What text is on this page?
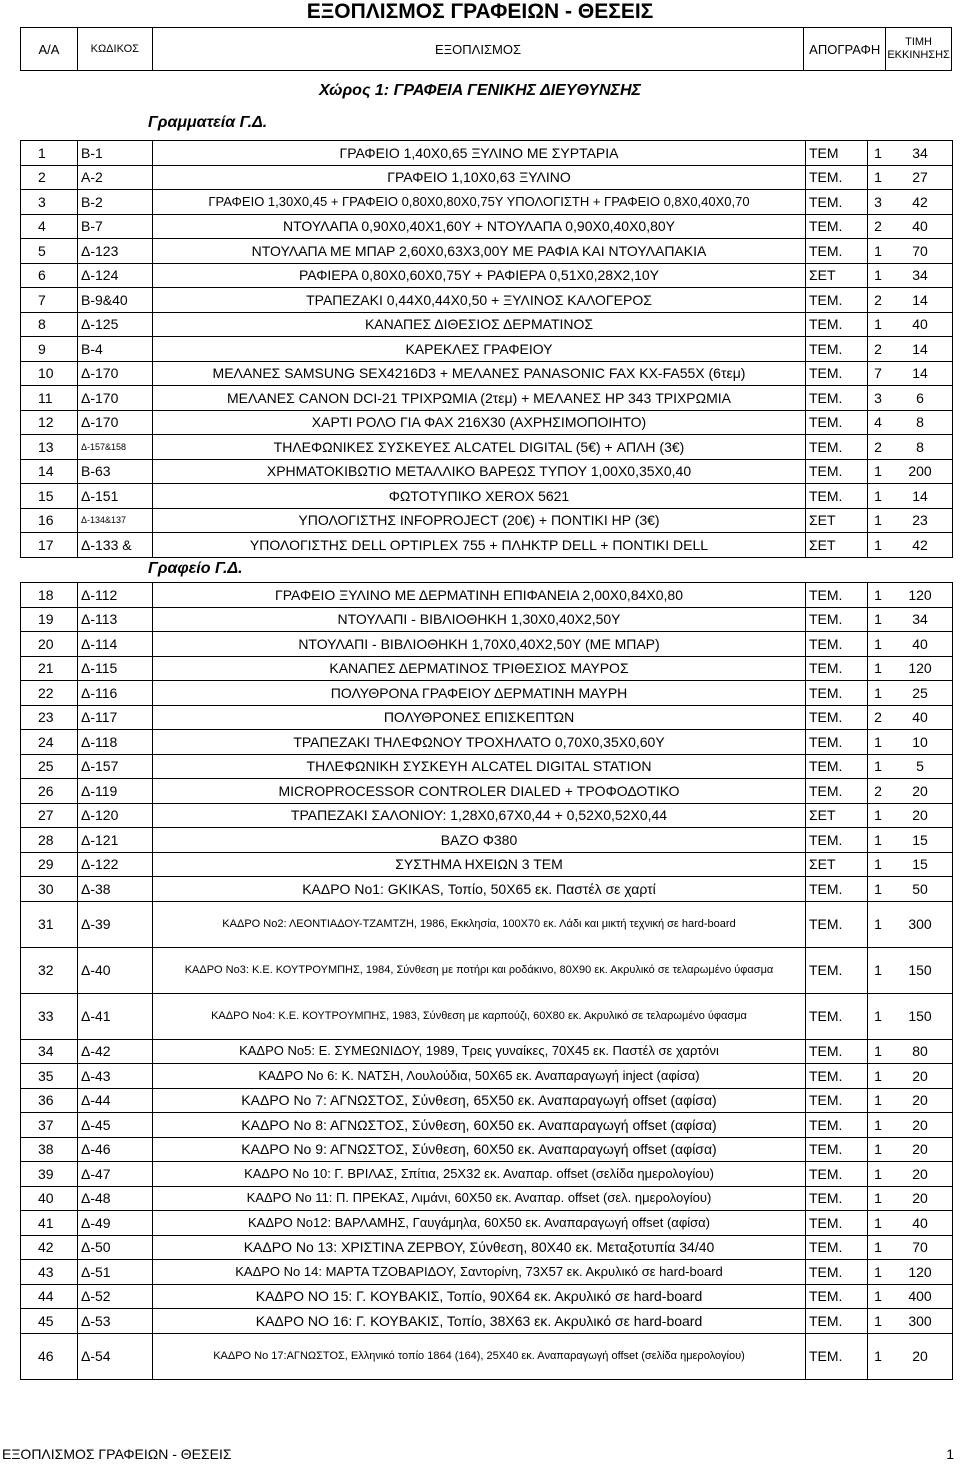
ΕΞΟΠΛΙΣΜΟΣ ΓΡΑΦΕΙΩΝ - ΘΕΣΕΙΣ
Α/Α	ΚΩΔΙΚΟΣ	ΕΞΟΠΛΙΣΜΟΣ	ΑΠΟΓΡΑΦΗ	ΤΙΜΗ
ΕΚΚΙΝΗΣΗΣ
Χώρος 1: ΓΡΑΦΕΙΑ ΓΕΝΙΚΗΣ ΔΙΕΥΘΥΝΣΗΣ
Γραμματεία Γ.Δ.
1	Β-1	ΓΡΑΦΕΙΟ 1,40Χ0,65 ΞΥΛΙΝΟ ΜΕ ΣΥΡΤΑΡΙΑ	ΤΕΜ	1	34
2	Α-2	ΓΡΑΦΕΙΟ 1,10Χ0,63 ΞΥΛΙΝΟ	ΤΕΜ.	1	27
3	Β-2	ΓΡΑΦΕΙΟ 1,30Χ0,45 + ΓΡΑΦΕΙΟ 0,80Χ0,80Χ0,75Υ ΥΠΟΛΟΓΙΣΤΗ + ΓΡΑΦΕΙΟ 0,8Χ0,40Χ0,70	ΤΕΜ.	3	42
4	Β-7	ΝΤΟΥΛΑΠΑ 0,90Χ0,40Χ1,60Υ + ΝΤΟΥΛΑΠΑ 0,90Χ0,40Χ0,80Υ	ΤΕΜ.	2	40
5	Δ-123	ΝΤΟΥΛΑΠΑ ΜΕ ΜΠΑΡ 2,60Χ0,63Χ3,00Υ ΜΕ ΡΑΦΙΑ ΚΑΙ ΝΤΟΥΛΑΠΑΚΙΑ	ΤΕΜ.	1	70
6	Δ-124	ΡΑΦΙΕΡΑ 0,80Χ0,60Χ0,75Υ + ΡΑΦΙΕΡΑ 0,51Χ0,28Χ2,10Υ	ΣΕΤ	1	34
7	Β-9&40	ΤΡΑΠΕΖΑΚΙ 0,44Χ0,44Χ0,50 + ΞΥΛΙΝΟΣ ΚΑΛΟΓΕΡΟΣ	ΤΕΜ.	2	14
8	Δ-125	ΚΑΝΑΠΕΣ ΔΙΘΕΣΙΟΣ ΔΕΡΜΑΤΙΝΟΣ	ΤΕΜ.	1	40
9	Β-4	ΚΑΡΕΚΛΕΣ ΓΡΑΦΕΙΟΥ	ΤΕΜ.	2	14
10	Δ-170	ΜΕΛΑΝΕΣ SAMSUNG SEX4216D3 + ΜΕΛΑΝΕΣ PANASONIC FAX KX-FA55X (6τεμ)	ΤΕΜ.	7	14
11	Δ-170	ΜΕΛΑΝΕΣ CANON DCI-21 ΤΡΙΧΡΩΜΙΑ (2τεμ) + ΜΕΛΑΝΕΣ HP 343 ΤΡΙΧΡΩΜΙΑ	ΤΕΜ.	3	6
12	Δ-170	ΧΑΡΤΙ ΡΟΛΟ ΓΙΑ ΦΑΧ 216Χ30 (ΑΧΡΗΣΙΜΟΠΟΙΗΤΟ)	ΤΕΜ.	4	8
13	Δ-157&158	ΤΗΛΕΦΩΝΙΚΕΣ ΣΥΣΚΕΥΕΣ ALCATEL DIGITAL (5€) + ΑΠΛΗ (3€)	ΤΕΜ.	2	8
14	Β-63	ΧΡΗΜΑΤΟΚΙΒΩΤΙΟ ΜΕΤΑΛΛΙΚΟ ΒΑΡΕΩΣ ΤΥΠΟΥ 1,00Χ0,35Χ0,40	ΤΕΜ.	1	200
15	Δ-151	ΦΩΤΟΤΥΠΙΚΟ XEROX 5621	ΤΕΜ.	1	14
16	Δ-134&137	ΥΠΟΛΟΓΙΣΤΗΣ INFOPROJECT (20€) + ΠΟΝΤΙΚΙ HP (3€)	ΣΕΤ	1	23
17	Δ-133 &	ΥΠΟΛΟΓΙΣΤΗΣ DELL OPTIPLEX 755 + ΠΛΗΚΤΡ DELL + ΠΟΝΤΙΚΙ DELL	ΣΕΤ	1	42
Γραφείο Γ.Δ.
18	Δ-112	ΓΡΑΦΕΙΟ ΞΥΛΙΝΟ ΜΕ ΔΕΡΜΑΤΙΝΗ ΕΠΙΦΑΝΕΙΑ 2,00Χ0,84Χ0,80	ΤΕΜ.	1	120
19	Δ-113	ΝΤΟΥΛΑΠΙ - ΒΙΒΛΙΟΘΗΚΗ 1,30Χ0,40Χ2,50Υ	ΤΕΜ.	1	34
20	Δ-114	ΝΤΟΥΛΑΠΙ - ΒΙΒΛΙΟΘΗΚΗ 1,70Χ0,40Χ2,50Υ (ΜΕ ΜΠΑΡ)	ΤΕΜ.	1	40
21	Δ-115	ΚΑΝΑΠΕΣ ΔΕΡΜΑΤΙΝΟΣ ΤΡΙΘΕΣΙΟΣ ΜΑΥΡΟΣ	ΤΕΜ.	1	120
22	Δ-116	ΠΟΛΥΘΡΟΝΑ ΓΡΑΦΕΙΟΥ ΔΕΡΜΑΤΙΝΗ ΜΑΥΡΗ	ΤΕΜ.	1	25
23	Δ-117	ΠΟΛΥΘΡΟΝΕΣ ΕΠΙΣΚΕΠΤΩΝ	ΤΕΜ.	2	40
24	Δ-118	ΤΡΑΠΕΖΑΚΙ ΤΗΛΕΦΩΝΟΥ ΤΡΟΧΗΛΑΤΟ 0,70Χ0,35Χ0,60Υ	ΤΕΜ.	1	10
25	Δ-157	ΤΗΛΕΦΩΝΙΚΗ ΣΥΣΚΕΥΗ ALCATEL DIGITAL STATION	ΤΕΜ.	1	5
26	Δ-119	MICROPROCESSOR CONTROLER DIALED + ΤΡΟΦΟΔΟΤΙΚΟ	ΤΕΜ.	2	20
27	Δ-120	ΤΡΑΠΕΖΑΚΙ ΣΑΛΟΝΙΟΥ: 1,28Χ0,67Χ0,44 + 0,52Χ0,52Χ0,44	ΣΕΤ	1	20
28	Δ-121	ΒΑΖΟ Φ380	ΤΕΜ.	1	15
29	Δ-122	ΣΥΣΤΗΜΑ ΗΧΕΙΩΝ 3 ΤΕΜ	ΣΕΤ	1	15
30	Δ-38	ΚΑΔΡΟ Νο1: GKIKAS, Τοπίο, 50Χ65 εκ. Παστέλ σε χαρτί	ΤΕΜ.	1	50
31	Δ-39	ΚΑΔΡΟ Νο2: ΛΕΟΝΤΙΑΔΟΥ-ΤΖΑΜΤΖΗ, 1986, Εκκλησία, 100Χ70 εκ. Λάδι και μικτή τεχνική σε hard-board	ΤΕΜ.	1	300
32	Δ-40	ΚΑΔΡΟ Νο3: Κ.Ε. ΚΟΥΤΡΟΥΜΠΗΣ, 1984, Σύνθεση με ποτήρι και ροδάκινο, 80Χ90 εκ. Ακρυλικό σε τελαρωμένο ύφασμα	ΤΕΜ.	1	150
33	Δ-41	ΚΑΔΡΟ Νο4: Κ.Ε. ΚΟΥΤΡΟΥΜΠΗΣ, 1983, Σύνθεση με καρπούζι, 60Χ80 εκ. Ακρυλικό σε τελαρωμένο ύφασμα	ΤΕΜ.	1	150
34	Δ-42	ΚΑΔΡΟ Νο5: Ε. ΣΥΜΕΩΝΙΔΟΥ, 1989, Τρεις γυναίκες, 70Χ45 εκ. Παστέλ σε χαρτόνι	ΤΕΜ.	1	80
35	Δ-43	ΚΑΔΡΟ Νο 6: Κ. ΝΑΤΣΗ, Λουλούδια, 50Χ65 εκ. Αναπαραγωγή inject (αφίσα)	ΤΕΜ.	1	20
36	Δ-44	ΚΑΔΡΟ Νο 7: ΑΓΝΩΣΤΟΣ, Σύνθεση, 65Χ50 εκ. Αναπαραγωγή offset (αφίσα)	ΤΕΜ.	1	20
37	Δ-45	ΚΑΔΡΟ Νο 8: ΑΓΝΩΣΤΟΣ, Σύνθεση, 60Χ50 εκ. Αναπαραγωγή offset (αφίσα)	ΤΕΜ.	1	20
38	Δ-46	ΚΑΔΡΟ Νο 9: ΑΓΝΩΣΤΟΣ, Σύνθεση, 60Χ50 εκ. Αναπαραγωγή offset (αφίσα)	ΤΕΜ.	1	20
39	Δ-47	ΚΑΔΡΟ Νο 10: Γ. ΒΡΙΛΑΣ, Σπίτια, 25Χ32 εκ. Αναπαρ. offset (σελίδα ημερολογίου)	ΤΕΜ.	1	20
40	Δ-48	ΚΑΔΡΟ Νο 11: Π. ΠΡΕΚΑΣ, Λιμάνι, 60Χ50 εκ. Αναπαρ. offset (σελ. ημερολογίου)	ΤΕΜ.	1	20
41	Δ-49	ΚΑΔΡΟ Νο12: ΒΑΡΛΑΜΗΣ, Γαυγάμηλα, 60Χ50 εκ. Αναπαραγωγή offset (αφίσα)	ΤΕΜ.	1	40
42	Δ-50	ΚΑΔΡΟ Νο 13: ΧΡΙΣΤΙΝΑ ΖΕΡΒΟΥ, Σύνθεση, 80Χ40 εκ. Μεταξοτυπία 34/40	ΤΕΜ.	1	70
43	Δ-51	ΚΑΔΡΟ Νο 14: ΜΑΡΤΑ ΤΖΟΒΑΡΙΔΟΥ, Σαντορίνη, 73Χ57 εκ. Ακρυλικό σε hard-board	ΤΕΜ.	1	120
44	Δ-52	ΚΑΔΡΟ ΝΟ 15: Γ. ΚΟΥΒΑΚΙΣ, Τοπίο, 90Χ64 εκ. Ακρυλικό σε hard-board	ΤΕΜ.	1	400
45	Δ-53	ΚΑΔΡΟ ΝΟ 16: Γ. ΚΟΥΒΑΚΙΣ, Τοπίο, 38Χ63 εκ. Ακρυλικό σε hard-board	ΤΕΜ.	1	300
46	Δ-54	ΚΑΔΡΟ Νο 17:ΑΓΝΩΣΤΟΣ, Ελληνικό τοπίο 1864 (164), 25Χ40 εκ. Αναπαραγωγή offset (σελίδα ημερολογίου)	ΤΕΜ.	1	20
ΕΞΟΠΛΙΣΜΟΣ ΓΡΑΦΕΙΩΝ - ΘΕΣΕΙΣ	1
